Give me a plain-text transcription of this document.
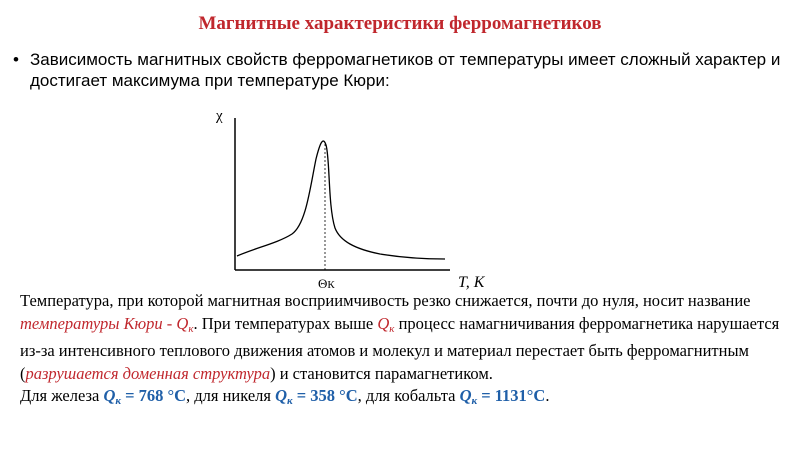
Магнитные характеристики ферромагнетиков
• Зависимость магнитных свойств ферромагнетиков от температуры имеет сложный характер и достигает максимума при температуре Кюри:
χ
T, K
ΘК
Температура, при которой магнитная восприимчивость резко снижается, почти до нуля, носит название температуры Кюри - $Q_к$. При температурах выше $Q_к$ процесс намагничивания ферромагнетика нарушается из-за интенсивного теплового движения атомов и молекул и материал перестает быть ферромагнитным (разрушается доменная структура) и становится парамагнетиком.
Для железа $Q_к = 768$ °С, для никеля $Q_к = 358$ °С, для кобальта $Q_к = 1131^\circ С$.
